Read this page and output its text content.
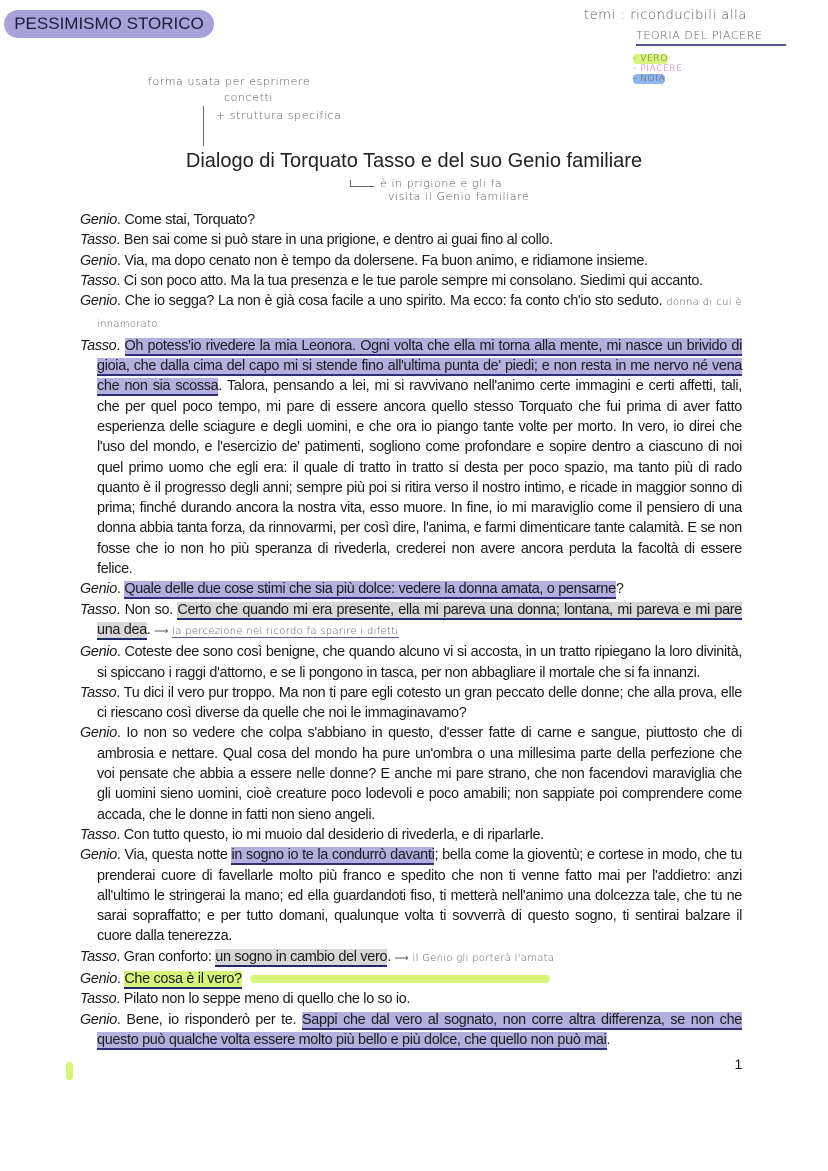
PESSIMISMO STORICO	temi : riconducibili alla
TEORIA DEL PIACERE
- VERO
- PIACERE
- NOIA
forma usata per esprimere
concetti
+ struttura specifica
Dialogo di Torquato Tasso e del suo Genio familiare
è in prigione e gli fa
visita il Genio familiare

Genio. Come stai, Torquato?

Tasso. Ben sai come si può stare in una prigione, e dentro ai guai fino al collo.

Genio. Via, ma dopo cenato non è tempo da dolersene. Fa buon animo, e ridiamone insieme.

Tasso. Ci son poco atto. Ma la tua presenza e le tue parole sempre mi consolano. Siedimi qui accanto.

Genio. Che io segga? La non è già cosa facile a uno spirito. Ma ecco: fa conto ch'io sto seduto. donna di cui è innamorato

Tasso. Oh potess'io rivedere la mia Leonora. Ogni volta che ella mi torna alla mente, mi nasce un brivido di gioia, che dalla cima del capo mi si stende fino all'ultima punta de' piedi; e non resta in me nervo né vena che non sia scossa. Talora, pensando a lei, mi si ravvivano nell'animo certe immagini e certi affetti, tali, che per quel poco tempo, mi pare di essere ancora quello stesso Torquato che fui prima di aver fatto esperienza delle sciagure e degli uomini, e che ora io piango tante volte per morto. In vero, io direi che l'uso del mondo, e l'esercizio de' patimenti, sogliono come profondare e sopire dentro a ciascuno di noi quel primo uomo che egli era: il quale di tratto in tratto si desta per poco spazio, ma tanto più di rado quanto è il progresso degli anni; sempre più poi si ritira verso il nostro intimo, e ricade in maggior sonno di prima; finché durando ancora la nostra vita, esso muore. In fine, io mi maraviglio come il pensiero di una donna abbia tanta forza, da rinnovarmi, per così dire, l'anima, e farmi dimenticare tante calamità. E se non fosse che io non ho più speranza di rivederla, crederei non avere ancora perduta la facoltà di essere felice.

Genio. Quale delle due cose stimi che sia più dolce: vedere la donna amata, o pensarne?

Tasso. Non so. Certo che quando mi era presente, ella mi pareva una donna; lontana, mi pareva e mi pare una dea. ⟶ la percezione nel ricordo fa sparire i difetti

Genio. Coteste dee sono così benigne, che quando alcuno vi si accosta, in un tratto ripiegano la loro divinità, si spiccano i raggi d'attorno, e se li pongono in tasca, per non abbagliare il mortale che si fa innanzi.

Tasso. Tu dici il vero pur troppo. Ma non ti pare egli cotesto un gran peccato delle donne; che alla prova, elle ci riescano così diverse da quelle che noi le immaginavamo?

Genio. Io non so vedere che colpa s'abbiano in questo, d'esser fatte di carne e sangue, piuttosto che di ambrosia e nettare. Qual cosa del mondo ha pure un'ombra o una millesima parte della perfezione che voi pensate che abbia a essere nelle donne? E anche mi pare strano, che non facendovi maraviglia che gli uomini sieno uomini, cioè creature poco lodevoli e poco amabili; non sappiate poi comprendere come accada, che le donne in fatti non sieno angeli.

Tasso. Con tutto questo, io mi muoio dal desiderio di rivederla, e di riparlarle.

Genio. Via, questa notte in sogno io te la condurrò davanti; bella come la gioventù; e cortese in modo, che tu prenderai cuore di favellarle molto più franco e spedito che non ti venne fatto mai per l'addietro: anzi all'ultimo le stringerai la mano; ed ella guardandoti fiso, ti metterà nell'animo una dolcezza tale, che tu ne sarai sopraffatto; e per tutto domani, qualunque volta ti sovverrà di questo sogno, ti sentirai balzare il cuore dalla tenerezza.

Tasso. Gran conforto: un sogno in cambio del vero. ⟶ il Genio gli porterà l'amata

Genio. Che cosa è il vero?

Tasso. Pilato non lo seppe meno di quello che lo so io.

Genio. Bene, io risponderò per te. Sappi che dal vero al sognato, non corre altra differenza, se non che questo può qualche volta essere molto più bello e più dolce, che quello non può mai.

1
